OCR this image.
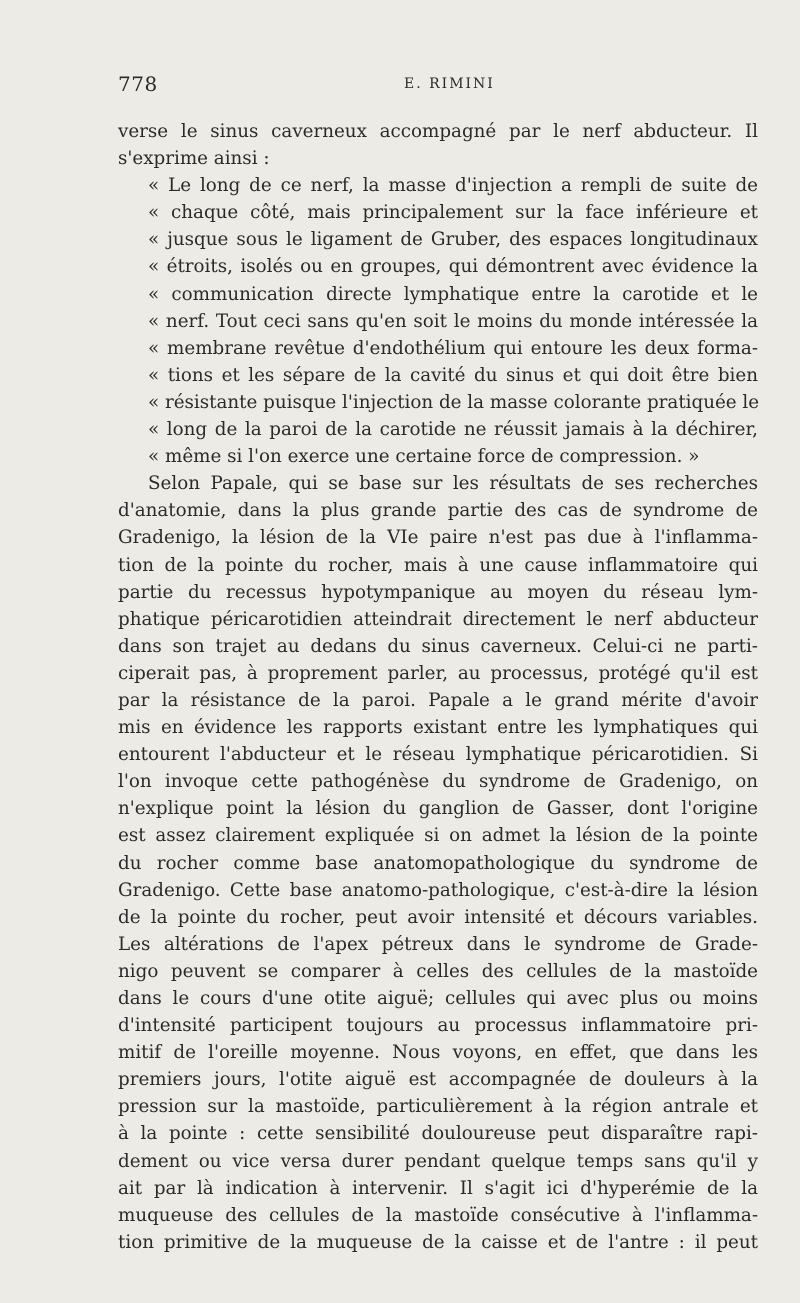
778	E. RIMINI
verse le sinus caverneux accompagné par le nerf abducteur. Il
s'exprime ainsi :
« Le long de ce nerf, la masse d'injection a rempli de suite de
« chaque côté, mais principalement sur la face inférieure et
« jusque sous le ligament de Gruber, des espaces longitudinaux
« étroits, isolés ou en groupes, qui démontrent avec évidence la
« communication directe lymphatique entre la carotide et le
« nerf. Tout ceci sans qu'en soit le moins du monde intéressée la
« membrane revêtue d'endothélium qui entoure les deux forma-
« tions et les sépare de la cavité du sinus et qui doit être bien
« résistante puisque l'injection de la masse colorante pratiquée le
« long de la paroi de la carotide ne réussit jamais à la déchirer,
« même si l'on exerce une certaine force de compression. »
Selon Papale, qui se base sur les résultats de ses recherches
d'anatomie, dans la plus grande partie des cas de syndrome de
Gradenigo, la lésion de la VIe paire n'est pas due à l'inflamma-
tion de la pointe du rocher, mais à une cause inflammatoire qui
partie du recessus hypotympanique au moyen du réseau lym-
phatique péricarotidien atteindrait directement le nerf abducteur
dans son trajet au dedans du sinus caverneux. Celui-ci ne parti-
ciperait pas, à proprement parler, au processus, protégé qu'il est
par la résistance de la paroi. Papale a le grand mérite d'avoir
mis en évidence les rapports existant entre les lymphatiques qui
entourent l'abducteur et le réseau lymphatique péricarotidien. Si
l'on invoque cette pathogénèse du syndrome de Gradenigo, on
n'explique point la lésion du ganglion de Gasser, dont l'origine
est assez clairement expliquée si on admet la lésion de la pointe
du rocher comme base anatomopathologique du syndrome de
Gradenigo. Cette base anatomo-pathologique, c'est-à-dire la lésion
de la pointe du rocher, peut avoir intensité et décours variables.
Les altérations de l'apex pétreux dans le syndrome de Grade-
nigo peuvent se comparer à celles des cellules de la mastoïde
dans le cours d'une otite aiguë; cellules qui avec plus ou moins
d'intensité participent toujours au processus inflammatoire pri-
mitif de l'oreille moyenne. Nous voyons, en effet, que dans les
premiers jours, l'otite aiguë est accompagnée de douleurs à la
pression sur la mastoïde, particulièrement à la région antrale et
à la pointe : cette sensibilité douloureuse peut disparaître rapi-
dement ou vice versa durer pendant quelque temps sans qu'il y
ait par là indication à intervenir. Il s'agit ici d'hyperémie de la
muqueuse des cellules de la mastoïde consécutive à l'inflamma-
tion primitive de la muqueuse de la caisse et de l'antre : il peut
